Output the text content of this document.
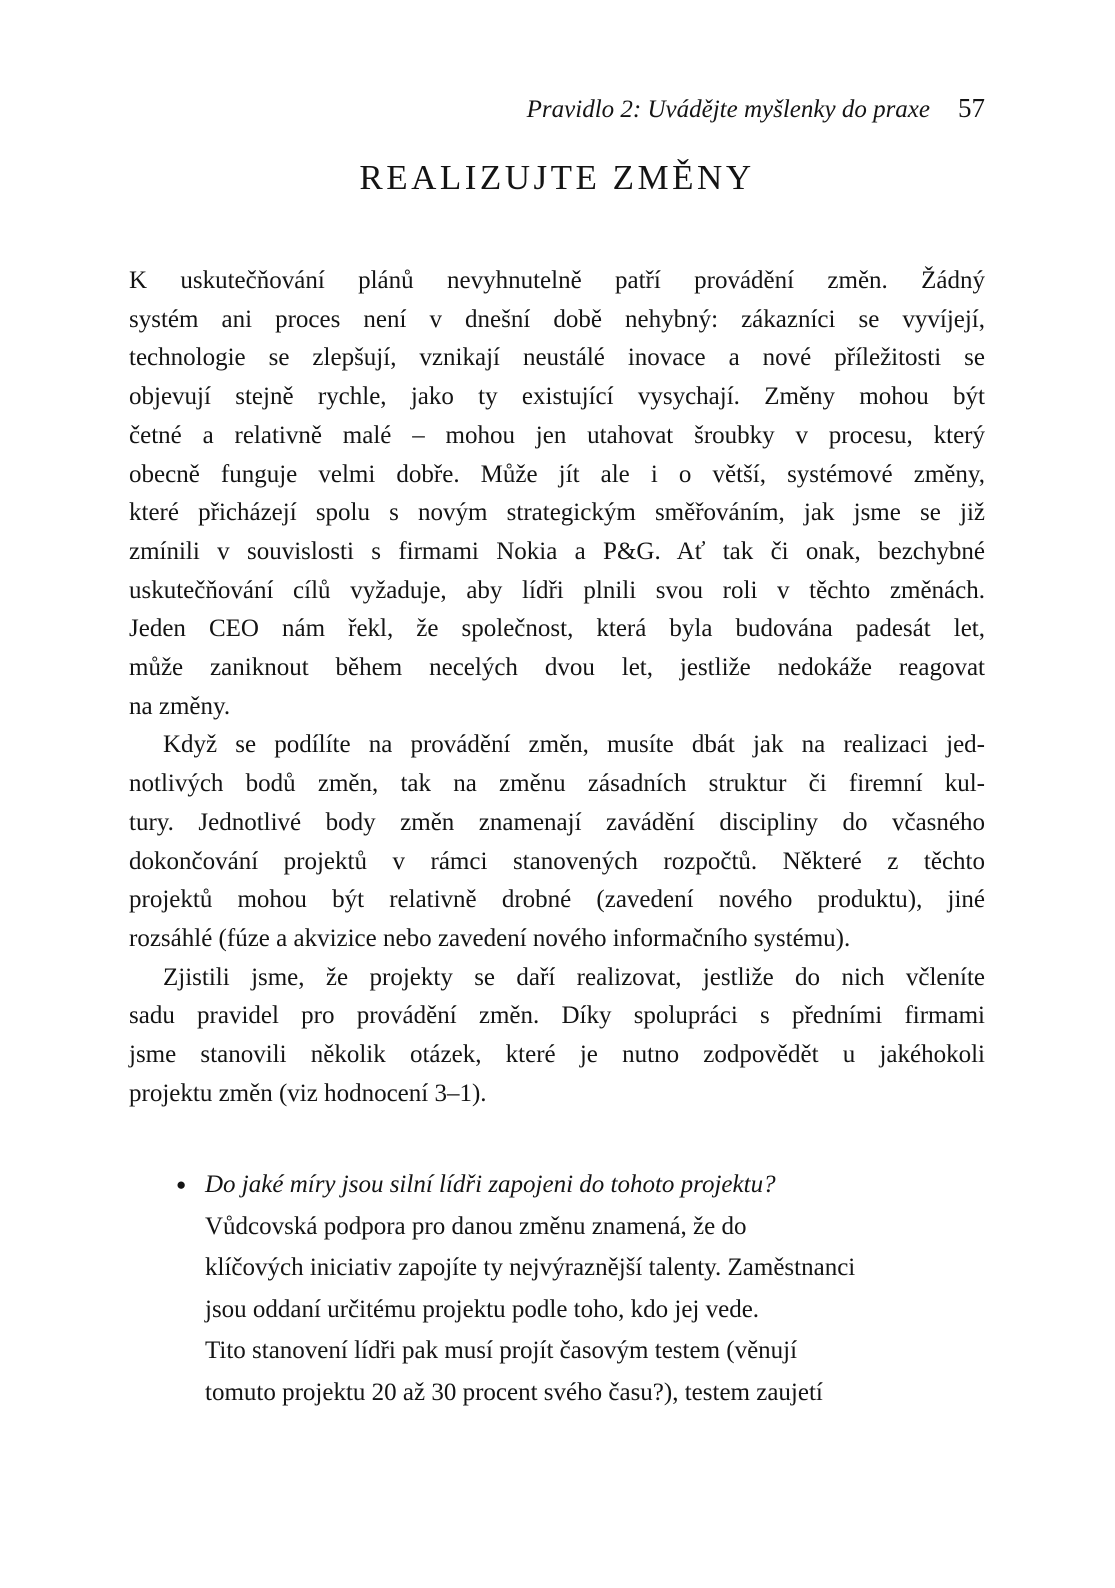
Pravidlo 2: Uvádějte myšlenky do praxe 57
REALIZUJTE ZMĚNY
K uskutečňování plánů nevyhnutelně patří provádění změn. Žádný
systém ani proces není v dnešní době nehybný: zákazníci se vyvíjejí,
technologie se zlepšují, vznikají neustálé inovace a nové příležitosti se
objevují stejně rychle, jako ty existující vysychají. Změny mohou být
četné a relativně malé – mohou jen utahovat šroubky v procesu, který
obecně funguje velmi dobře. Může jít ale i o větší, systémové změny,
které přicházejí spolu s novým strategickým směřováním, jak jsme se již
zmínili v souvislosti s firmami Nokia a P&G. Ať tak či onak, bezchybné
uskutečňování cílů vyžaduje, aby lídři plnili svou roli v těchto změnách.
Jeden CEO nám řekl, že společnost, která byla budována padesát let,
může zaniknout během necelých dvou let, jestliže nedokáže reagovat
na změny.
Když se podílíte na provádění změn, musíte dbát jak na realizaci jed-
notlivých bodů změn, tak na změnu zásadních struktur či firemní kul-
tury. Jednotlivé body změn znamenají zavádění discipliny do včasného
dokončování projektů v rámci stanovených rozpočtů. Některé z těchto
projektů mohou být relativně drobné (zavedení nového produktu), jiné
rozsáhlé (fúze a akvizice nebo zavedení nového informačního systému).
Zjistili jsme, že projekty se daří realizovat, jestliže do nich včleníte
sadu pravidel pro provádění změn. Díky spolupráci s předními firmami
jsme stanovili několik otázek, které je nutno zodpovědět u jakéhokoli
projektu změn (viz hodnocení 3–1).
● Do jaké míry jsou silní lídři zapojeni do tohoto projektu?
Vůdcovská podpora pro danou změnu znamená, že do
klíčových iniciativ zapojíte ty nejvýraznější talenty. Zaměstnanci
jsou oddaní určitému projektu podle toho, kdo jej vede.
Tito stanovení lídři pak musí projít časovým testem (věnují
tomuto projektu 20 až 30 procent svého času?), testem zaujetí
